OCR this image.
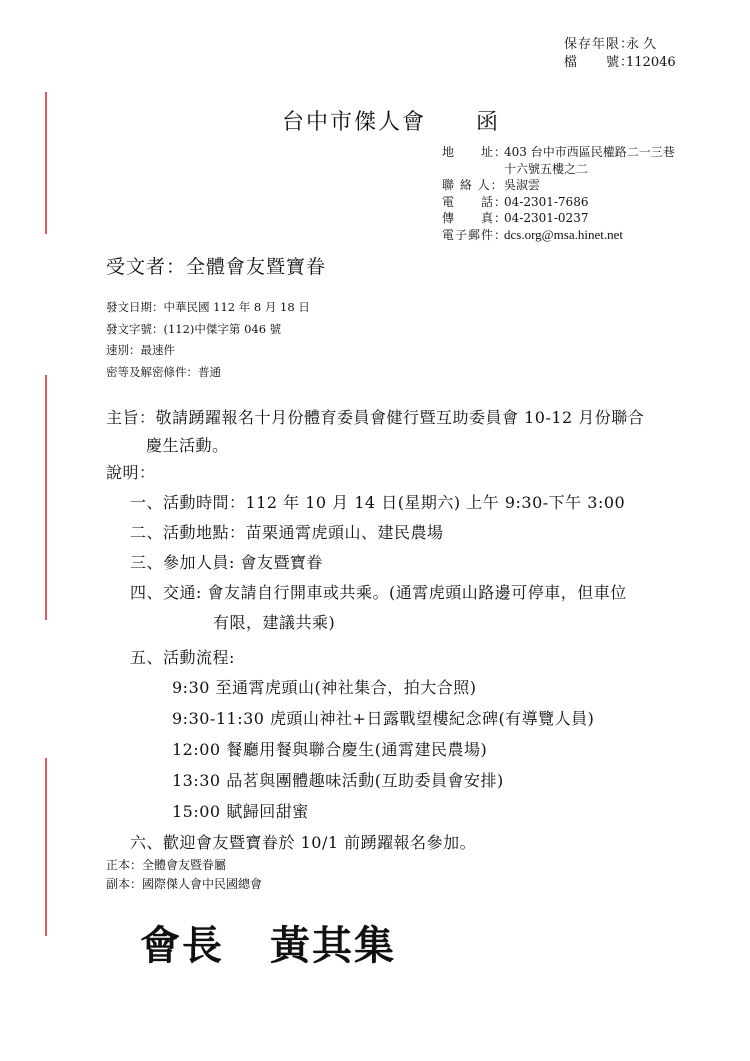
保存年限：
永 久
檔　　號：
112046
台中市傑人會 函
地　　址：
403 台中市西區民權路二一三巷
十六號五樓之二
聯 絡 人： 吳淑雲
電　　話：
04-2301-7686
傳　　真：
04-2301-0237
電子郵件：
dcs.org@msa.hinet.net
受文者：全體會友暨寶眷
發文日期：中華民國 112 年 8 月 18 日
發文字號：(112)中傑字第 046 號
速別：最速件
密等及解密條件：普通
主旨：敬請踴躍報名十月份體育委員會健行暨互助委員會 10-12 月份聯合
慶生活動。
說明：
一、活動時間：112 年 10 月 14 日(星期六) 上午 9:30-下午 3:00
二、活動地點：苗栗通霄虎頭山、建民農場
三、參加人員: 會友暨寶眷
四、交通: 會友請自行開車或共乘。(通霄虎頭山路邊可停車，但車位
有限，建議共乘)
五、活動流程:
9:30 至通霄虎頭山(神社集合，拍大合照)
9:30-11:30 虎頭山神社+日露戰望樓紀念碑(有導覽人員)
12:00 餐廳用餐與聯合慶生(通霄建民農場)
13:30 品茗與團體趣味活動(互助委員會安排)
15:00 賦歸回甜蜜
六、歡迎會友暨寶眷於 10/1 前踴躍報名參加。
正本：全體會友暨眷屬
副本：國際傑人會中民國總會
會長 黃其集
